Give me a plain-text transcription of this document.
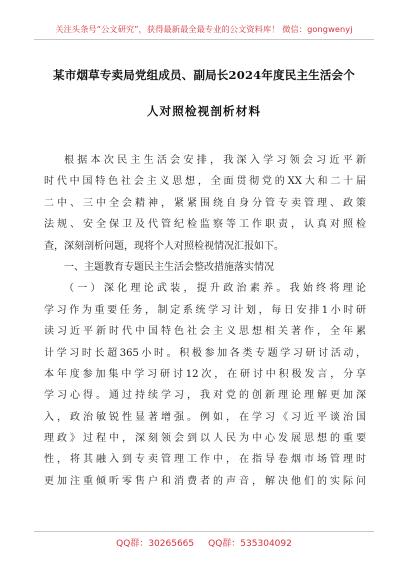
关注头条号“公文研究”，获得最新最全最专业的公文资料库！ 微信：gongwenyj
某市烟草专卖局党组成员、副局长2024年度民主生活会个
人对照检视剖析材料
根据本次民主生活会安排，我深入学习领会习近平新
时代中国特色社会主义思想，全面贯彻党的XX大和二十届
二中、三中全会精神，紧紧围绕自身分管专卖管理、政策
法规、安全保卫及代管纪检监察等工作职责，认真对照检
查，深刻剖析问题，现将个人对照检视情况汇报如下。
一、主题教育专题民主生活会整改措施落实情况
（一）深化理论武装，提升政治素养。我始终将理论
学习作为重要任务，制定系统学习计划，每日安排1小时研
读习近平新时代中国特色社会主义思想相关著作，全年累
计学习时长超365小时。积极参加各类专题学习研讨活动，
本年度参加集中学习研讨12次，在研讨中积极发言，分享
学习心得。通过持续学习，我对党的创新理论理解更加深
入，政治敏锐性显著增强。例如，在学习《习近平谈治国
理政》过程中，深刻领会到以人民为中心发展思想的重要
性，将其融入到专卖管理工作中，在指导卷烟市场管理时
更加注重倾听零售户和消费者的声音，解决他们的实际问
QQ群：30265665 QQ群：535304092
